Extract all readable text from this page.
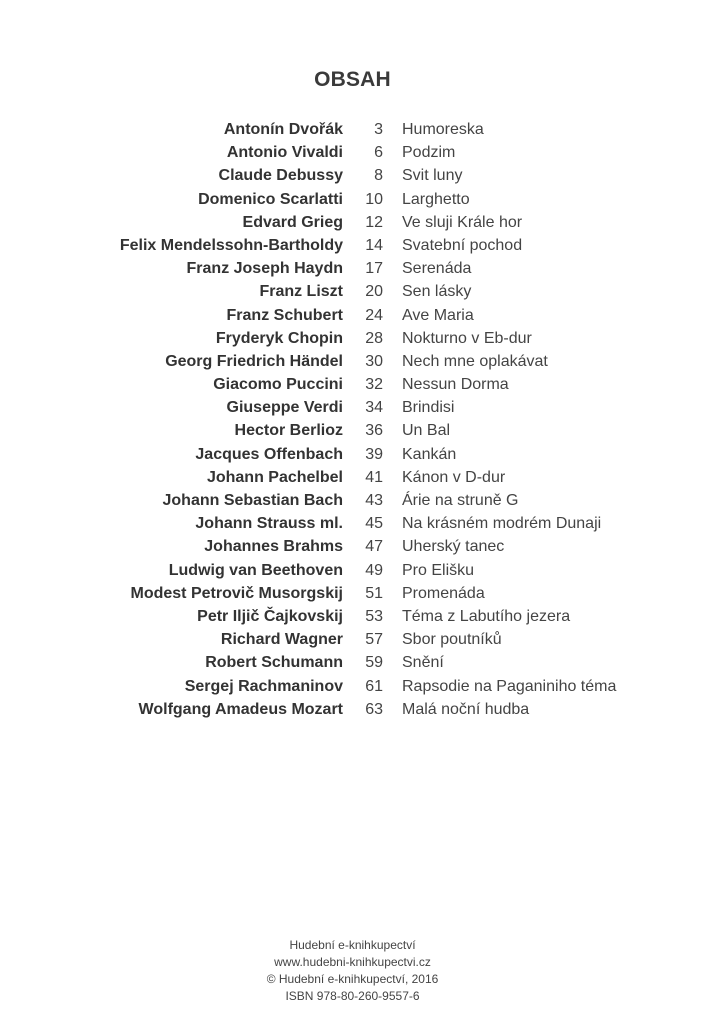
OBSAH
Antonín Dvořák	3 Humoreska
Antonio Vivaldi	6 Podzim
Claude Debussy	8 Svit luny
Domenico Scarlatti	10 Larghetto
Edvard Grieg	12 Ve sluji Krále hor
Felix Mendelssohn-Bartholdy	14 Svatební pochod
Franz Joseph Haydn	17 Serenáda
Franz Liszt	20 Sen lásky
Franz Schubert	24 Ave Maria
Fryderyk Chopin	28 Nokturno v Eb-dur
Georg Friedrich Händel	30 Nech mne oplakávat
Giacomo Puccini	32 Nessun Dorma
Giuseppe Verdi	34 Brindisi
Hector Berlioz	36 Un Bal
Jacques Offenbach	39 Kankán
Johann Pachelbel	41 Kánon v D-dur
Johann Sebastian Bach	43 Árie na struně G
Johann Strauss ml.	45 Na krásném modrém Dunaji
Johannes Brahms	47 Uherský tanec
Ludwig van Beethoven	49 Pro Elišku
Modest Petrovič Musorgskij	51 Promenáda
Petr Iljič Čajkovskij	53 Téma z Labutího jezera
Richard Wagner	57 Sbor poutníků
Robert Schumann	59 Snění
Sergej Rachmaninov	61 Rapsodie na Paganiniho téma
Wolfgang Amadeus Mozart	63 Malá noční hudba
Hudební e-knihkupectví
www.hudebni-knihkupectvi.cz
© Hudební e-knihkupectví, 2016
ISBN 978-80-260-9557-6
